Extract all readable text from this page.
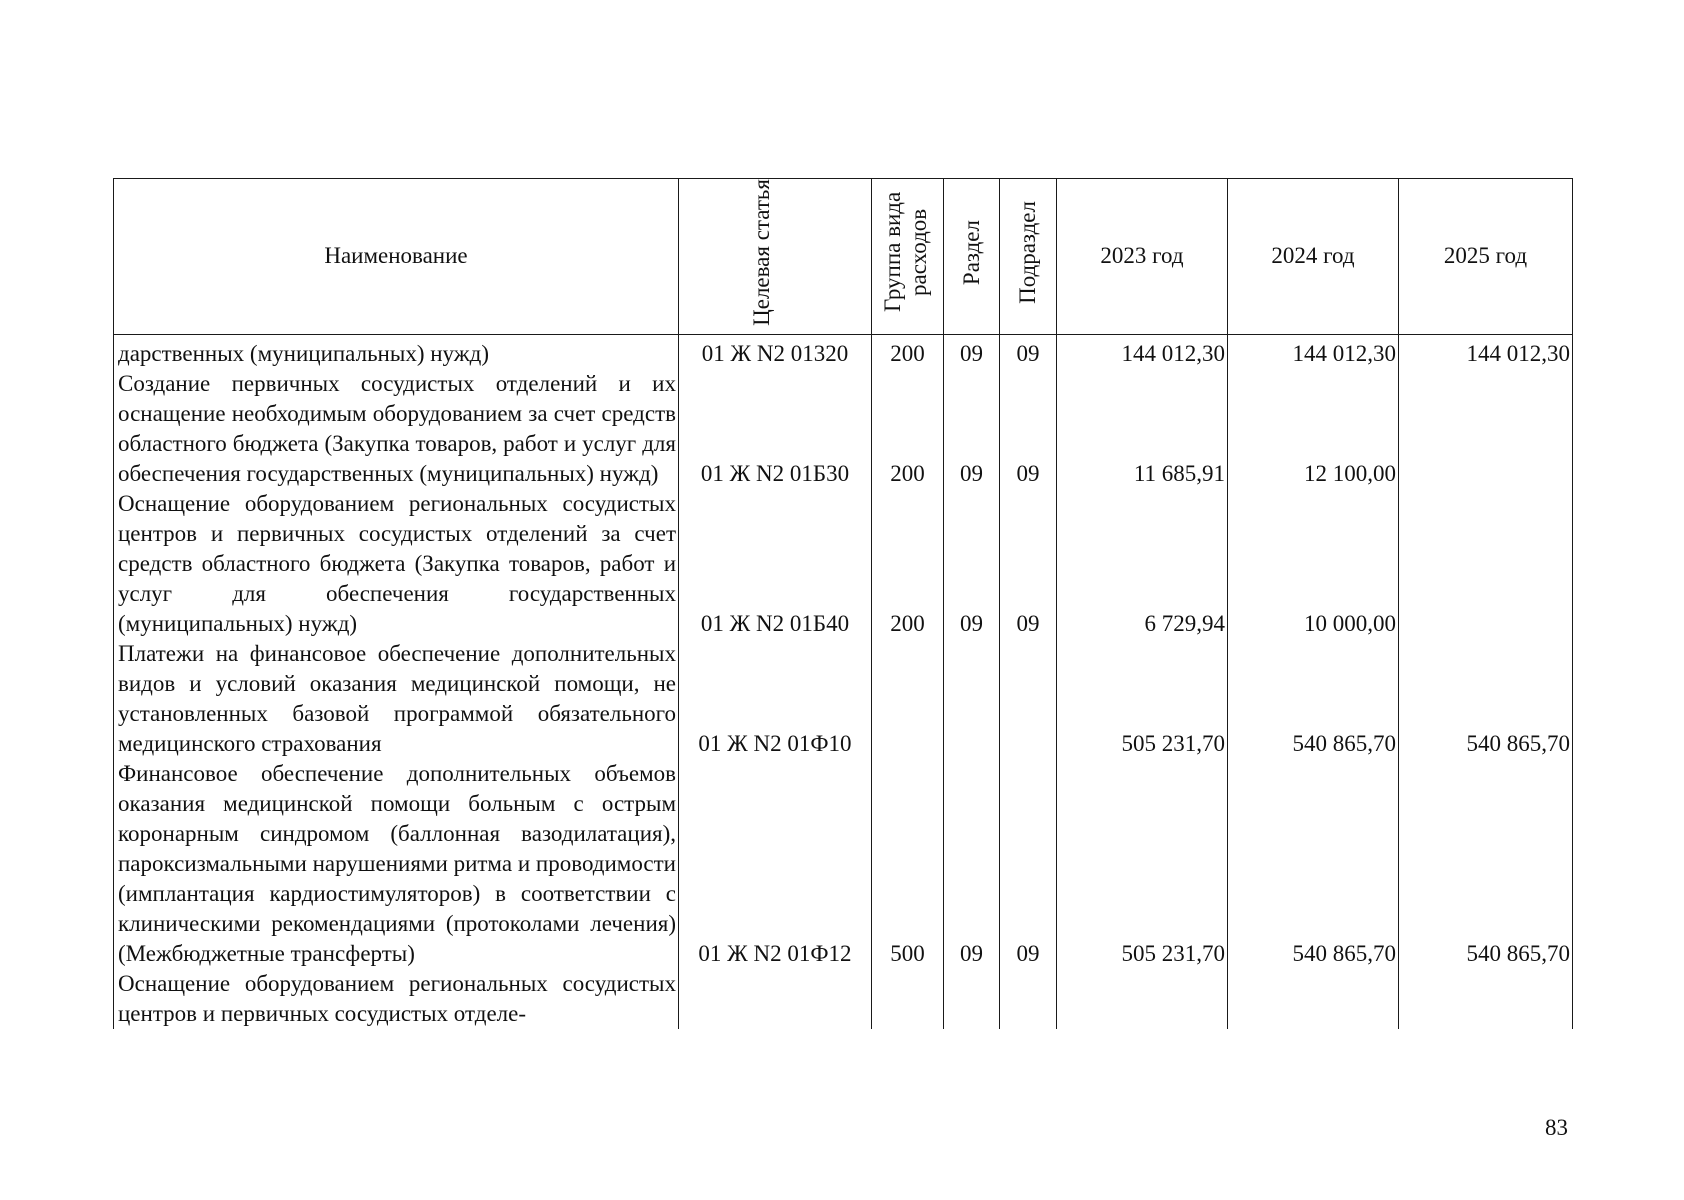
Наименование	Целевая статья	Группа вида расходов	Раздел	Подраздел	2023 год	2024 год	2025 год
дарственных (муниципальных) нужд)	01 Ж N2 01320	200	09	09	144 012,30	144 012,30	144 012,30
Создание первичных сосудистых отделений и их оснащение необходимым оборудованием за счет средств областного бюджета (Закупка товаров, работ и услуг для обеспечения государственных (муниципальных) нужд)	01 Ж N2 01Б30	200	09	09	11 685,91	12 100,00	
Оснащение оборудованием региональных сосудистых центров и первичных сосудистых отделений за счет средств областного бюджета (Закупка товаров, работ и услуг для обеспечения государственных (муниципальных) нужд)	01 Ж N2 01Б40	200	09	09	6 729,94	10 000,00	
Платежи на финансовое обеспечение дополнительных видов и условий оказания медицинской помощи, не установленных базовой программой обязательного медицинского страхования	01 Ж N2 01Ф10				505 231,70	540 865,70	540 865,70
Финансовое обеспечение дополнительных объемов оказания медицинской помощи больным с острым коронарным синдромом (баллонная вазодилатация), пароксизмальными нарушениями ритма и проводимости (имплантация кардиостимуляторов) в соответствии с клиническими рекомендациями (протоколами лечения) (Межбюджетные трансферты)	01 Ж N2 01Ф12	500	09	09	505 231,70	540 865,70	540 865,70
Оснащение оборудованием региональных сосудистых центров и первичных сосудистых отделе-							
83
